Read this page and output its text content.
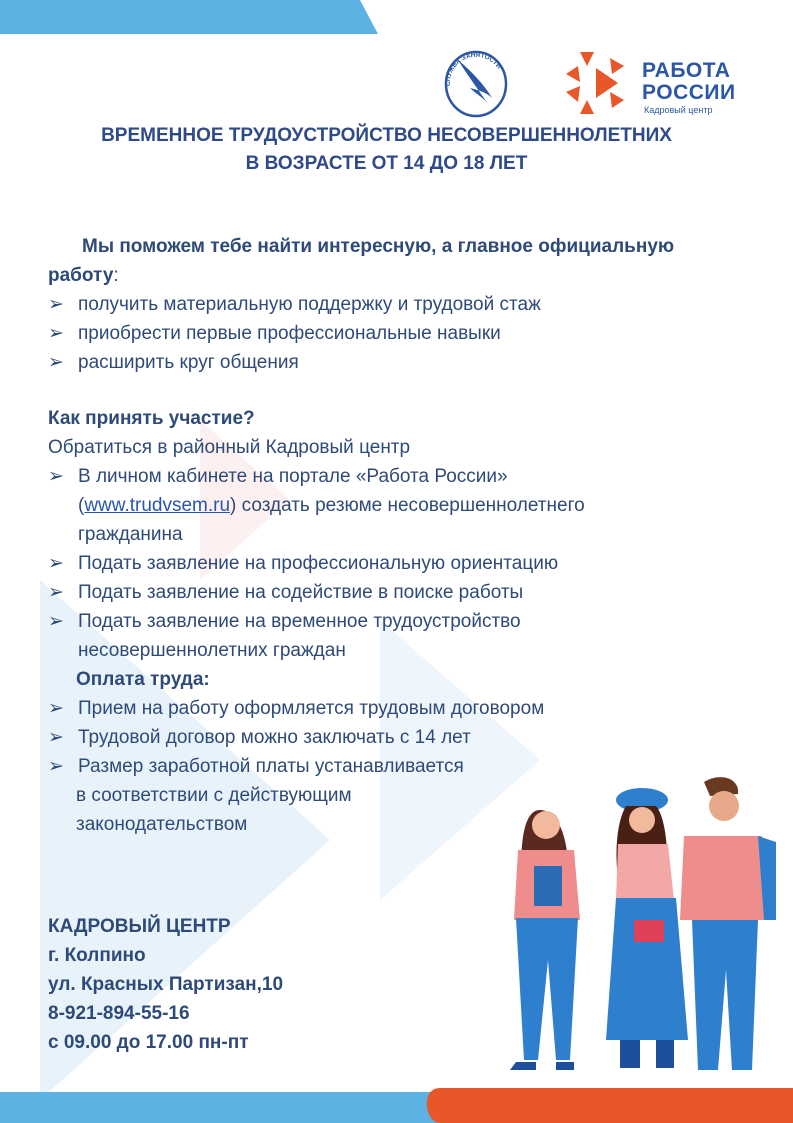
СЛУЖБА ЗАНЯТОСТИ	РАБОТА
РОССИИ
Кадровый центр
ВРЕМЕННОЕ ТРУДОУСТРОЙСТВО НЕСОВЕРШЕННОЛЕТНИХ
В ВОЗРАСТЕ ОТ 14 ДО 18 ЛЕТ
Мы поможем тебе найти интересную, а главное официальную
работу:
➢ получить материальную поддержку и трудовой стаж
➢ приобрести первые профессиональные навыки
➢ расширить круг общения
Как принять участие?
Обратиться в районный Кадровый центр
➢ В личном кабинете на портале «Работа России»
(www.trudvsem.ru) создать резюме несовершеннолетнего
гражданина
➢ Подать заявление на профессиональную ориентацию
➢ Подать заявление на содействие в поиске работы
➢ Подать заявление на временное трудоустройство
несовершеннолетних граждан
Оплата труда:
➢ Прием на работу оформляется трудовым договором
➢ Трудовой договор можно заключать с 14 лет
➢ Размер заработной платы устанавливается
в соответствии с действующим
законодательством
КАДРОВЫЙ ЦЕНТР
г. Колпино
ул. Красных Партизан,10
8-921-894-55-16
с 09.00 до 17.00 пн-пт
